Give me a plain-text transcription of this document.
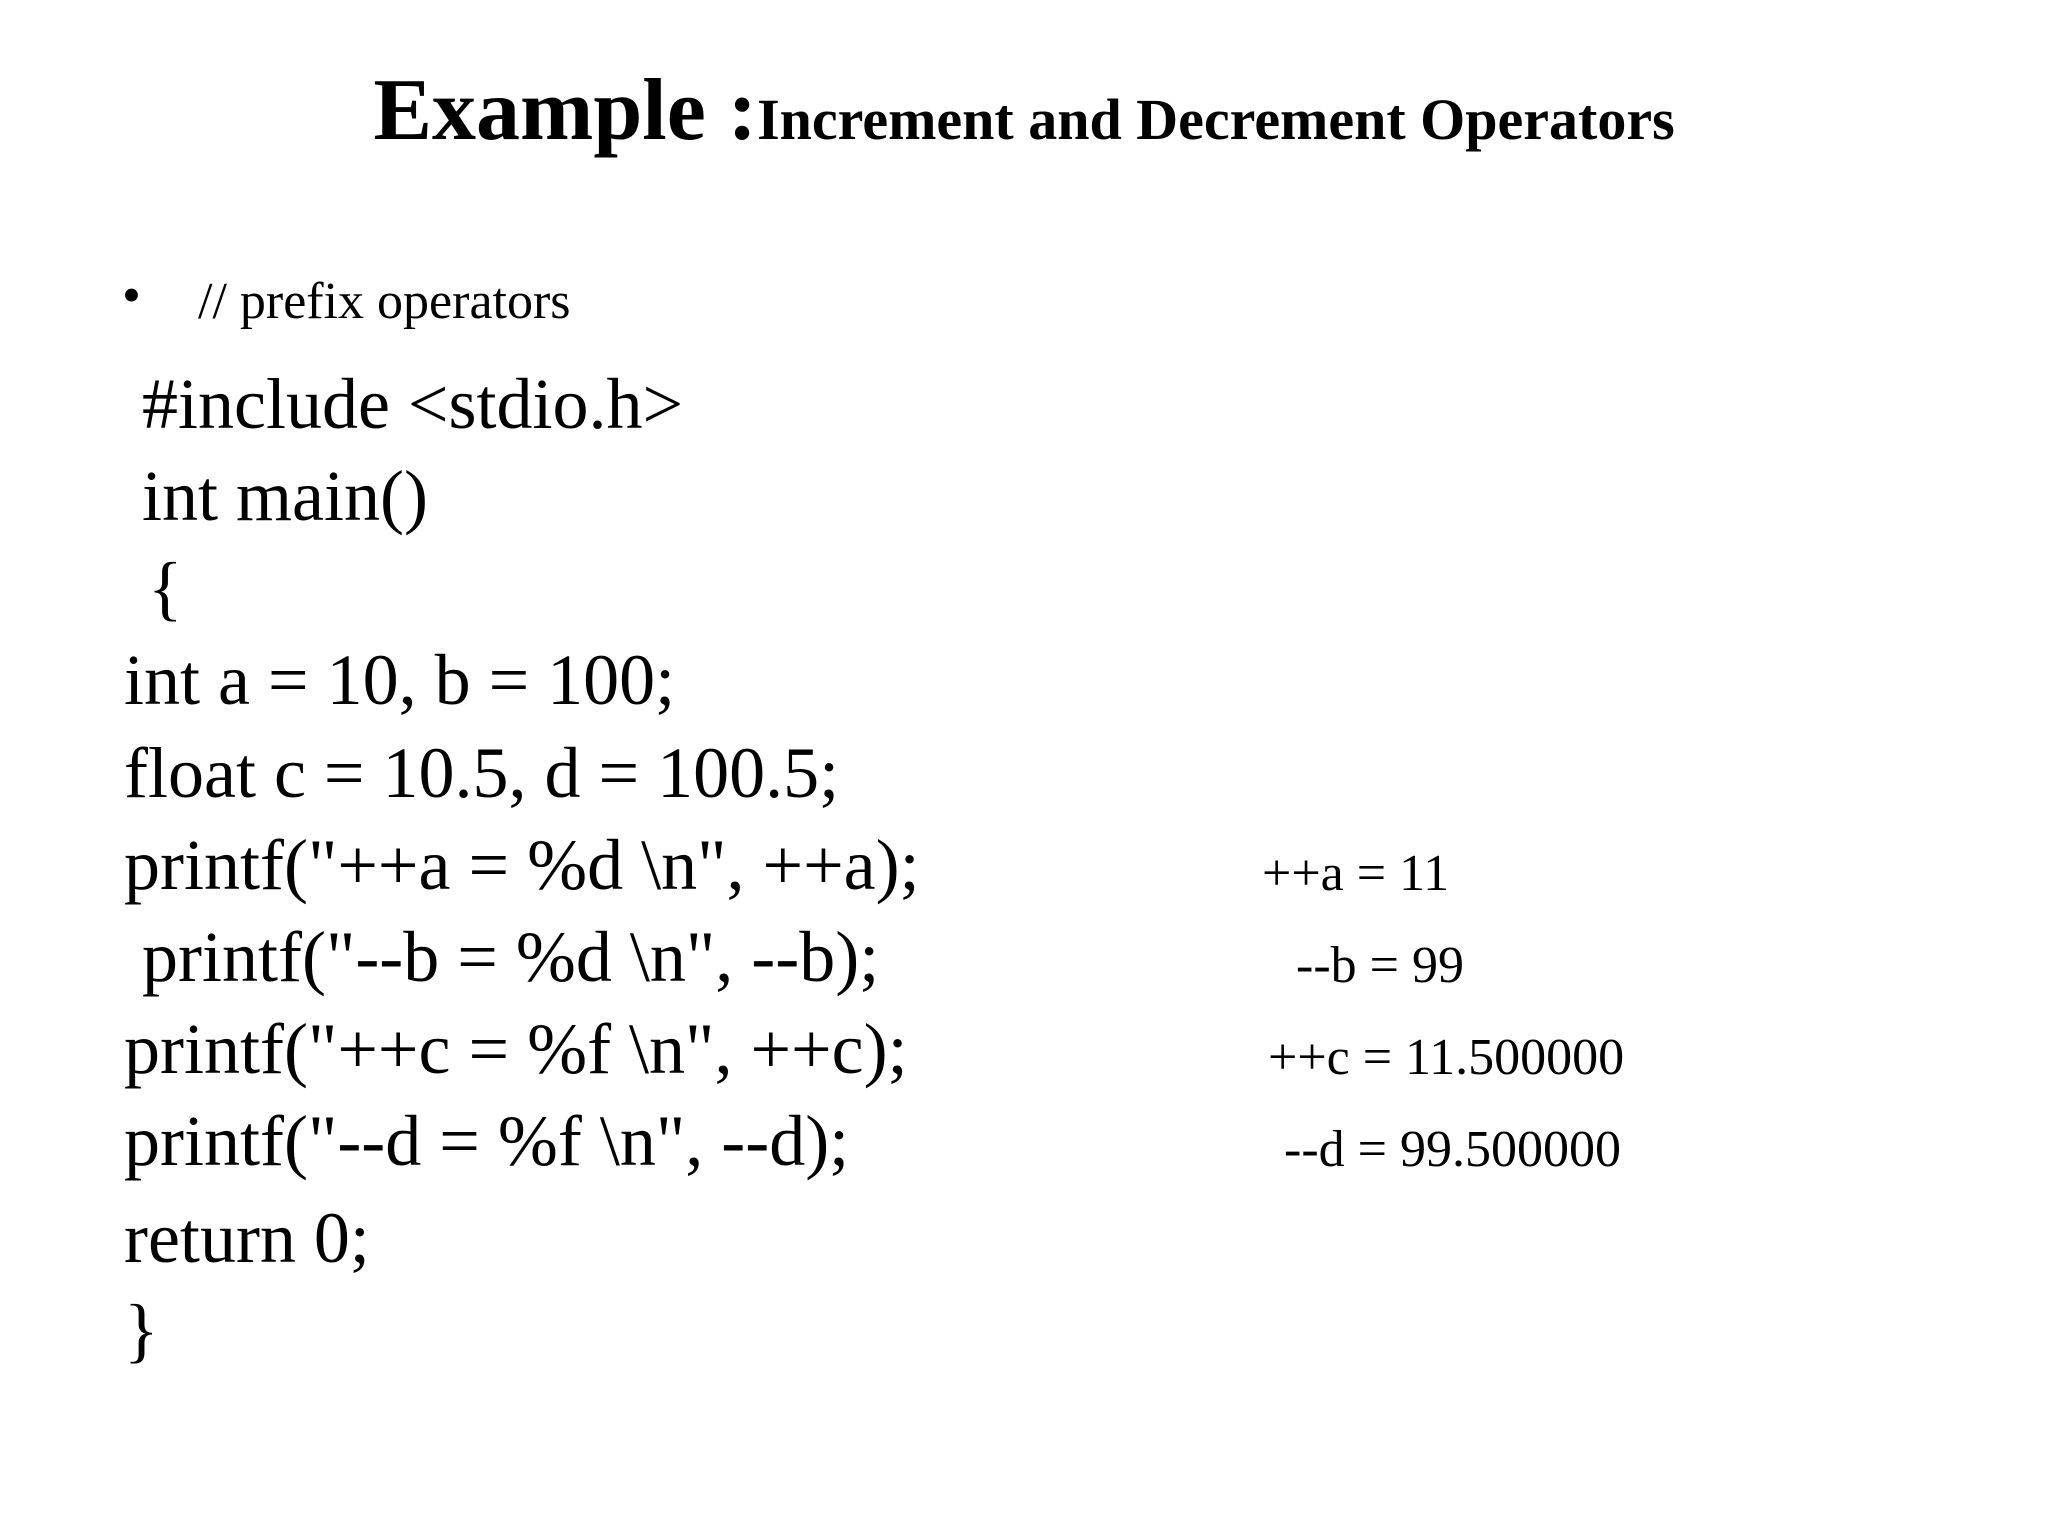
Example :Increment and Decrement Operators
• // prefix operators
#include <stdio.h>
int main()
{
int a = 10, b = 100;
float c = 10.5, d = 100.5;
printf("++a = %d \n", ++a);
printf("--b = %d \n", --b);
printf("++c = %f \n", ++c);
printf("--d = %f \n", --d);
return 0;
}
++a = 11
--b = 99
++c = 11.500000
--d = 99.500000
